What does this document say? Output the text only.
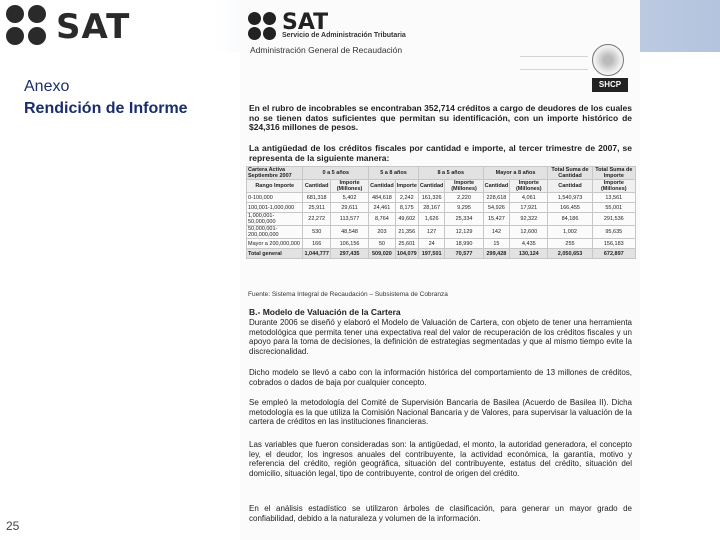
SAT
Anexo
Rendición de Informe
25
SAT
Servicio de Administración Tributaria
Administración General de Recaudación
SHCP

En el rubro de incobrables se encontraban 352,714 créditos a cargo de deudores de los cuales no se tienen datos suficientes que permitan su identificación, con un importe histórico de $24,316 millones de pesos.

La antigüedad de los créditos fiscales por cantidad e importe, al tercer trimestre de 2007, se representa de la siguiente manera:

Cartera Activa Septiembre 2007	0 a 5 años		5 a 8 años		8 a 5 años		Mayor a 8 años		Total Suma de Cantidad	Total Suma de Importe
Rango Importe	Cantidad	Importe (Millones)	Cantidad	Importe	Cantidad	Importe (Millones)	Cantidad	Importe (Millones)	Cantidad	Importe (Millones)
0-100,000	681,318	5,402	484,618	2,242	161,326	2,220	228,618	4,061	1,540,973	13,561
100,001-1,000,000	25,911	29,611	24,461	8,175	28,167	9,295	54,926	17,921	166,455	55,001
1,000,001-50,000,000	22,272	113,577	8,764	49,602	1,626	25,334	15,427	92,322	84,186	291,536
50,000,001-200,000,000	530	48,548	203	21,356	127	12,129	142	12,600	1,002	95,635
Mayor a 200,000,000	166	106,156	50	25,601	24	18,990	15	4,435	255	156,183
Total general	1,044,777	297,435	509,020	104,079	197,501	70,577	299,428	130,124	2,050,653	672,897
Fuente: Sistema Integral de Recaudación – Subsistema de Cobranza

B.- Modelo de Valuación de la Cartera

Durante 2006 se diseñó y elaboró el Modelo de Valuación de Cartera, con objeto de tener una herramienta metodológica que permita tener una expectativa real del valor de recuperación de los créditos fiscales y un apoyo para la toma de decisiones, la definición de estrategias segmentadas y que al mismo tiempo evite la discrecionalidad.

Dicho modelo se llevó a cabo con la información histórica del comportamiento de 13 millones de créditos, cobrados o dados de baja por cualquier concepto.

Se empleó la metodología del Comité de Supervisión Bancaria de Basilea (Acuerdo de Basilea II). Dicha metodología es la que utiliza la Comisión Nacional Bancaria y de Valores, para supervisar la valuación de la cartera de créditos en las instituciones financieras.

Las variables que fueron consideradas son: la antigüedad, el monto, la autoridad generadora, el concepto ley, el deudor, los ingresos anuales del contribuyente, la actividad económica, la garantía, motivo y referencia del crédito, región geográfica, situación del contribuyente, estatus del crédito, situación del domicilio, situación legal, tipo de contribuyente, control de origen del crédito.

En el análisis estadístico se utilizaron árboles de clasificación, para generar un mayor grado de confiabilidad, debido a la naturaleza y volumen de la información.
